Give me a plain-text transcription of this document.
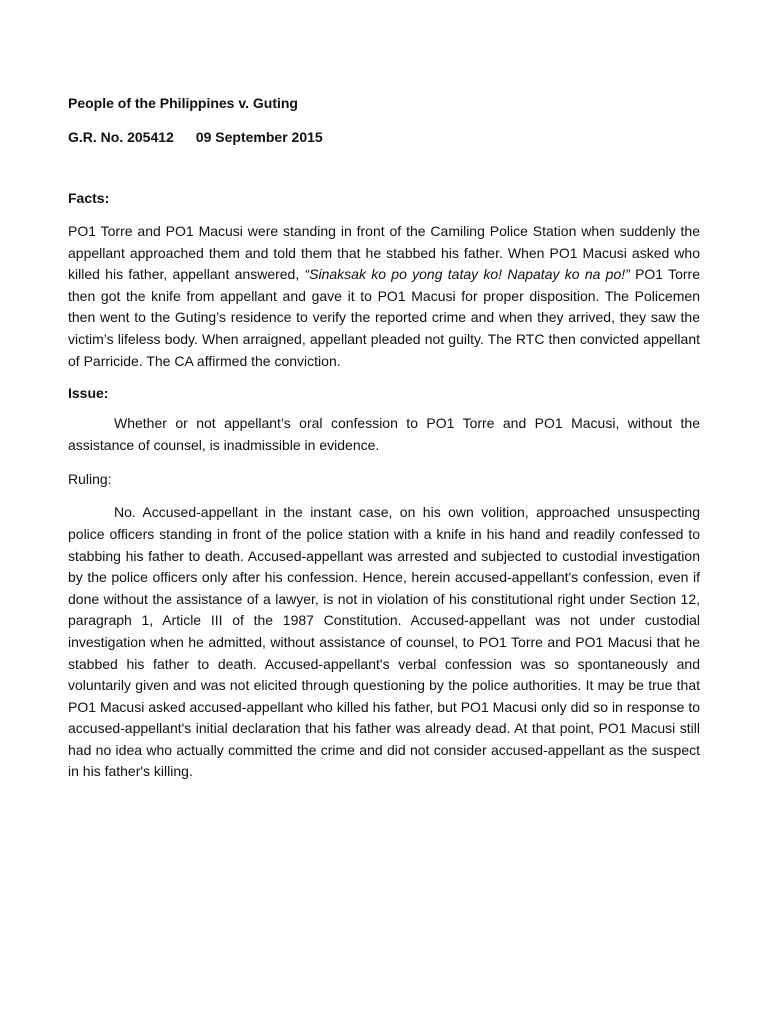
People of the Philippines v. Guting

G.R. No. 205412 09 September 2015
Facts:

PO1 Torre and PO1 Macusi were standing in front of the Camiling Police Station when suddenly the appellant approached them and told them that he stabbed his father. When PO1 Macusi asked who killed his father, appellant answered, “Sinaksak ko po yong tatay ko! Napatay ko na po!” PO1 Torre then got the knife from appellant and gave it to PO1 Macusi for proper disposition. The Policemen then went to the Guting’s residence to verify the reported crime and when they arrived, they saw the victim’s lifeless body. When arraigned, appellant pleaded not guilty. The RTC then convicted appellant of Parricide. The CA affirmed the conviction.

Issue:

Whether or not appellant’s oral confession to PO1 Torre and PO1 Macusi, without the assistance of counsel, is inadmissible in evidence.

Ruling:

No. Accused-appellant in the instant case, on his own volition, approached unsuspecting police officers standing in front of the police station with a knife in his hand and readily confessed to stabbing his father to death. Accused-appellant was arrested and subjected to custodial investigation by the police officers only after his confession. Hence, herein accused-appellant's confession, even if done without the assistance of a lawyer, is not in violation of his constitutional right under Section 12, paragraph 1, Article III of the 1987 Constitution. Accused-appellant was not under custodial investigation when he admitted, without assistance of counsel, to PO1 Torre and PO1 Macusi that he stabbed his father to death. Accused-appellant's verbal confession was so spontaneously and voluntarily given and was not elicited through questioning by the police authorities. It may be true that PO1 Macusi asked accused-appellant who killed his father, but PO1 Macusi only did so in response to accused-appellant's initial declaration that his father was already dead. At that point, PO1 Macusi still had no idea who actually committed the crime and did not consider accused-appellant as the suspect in his father's killing.
